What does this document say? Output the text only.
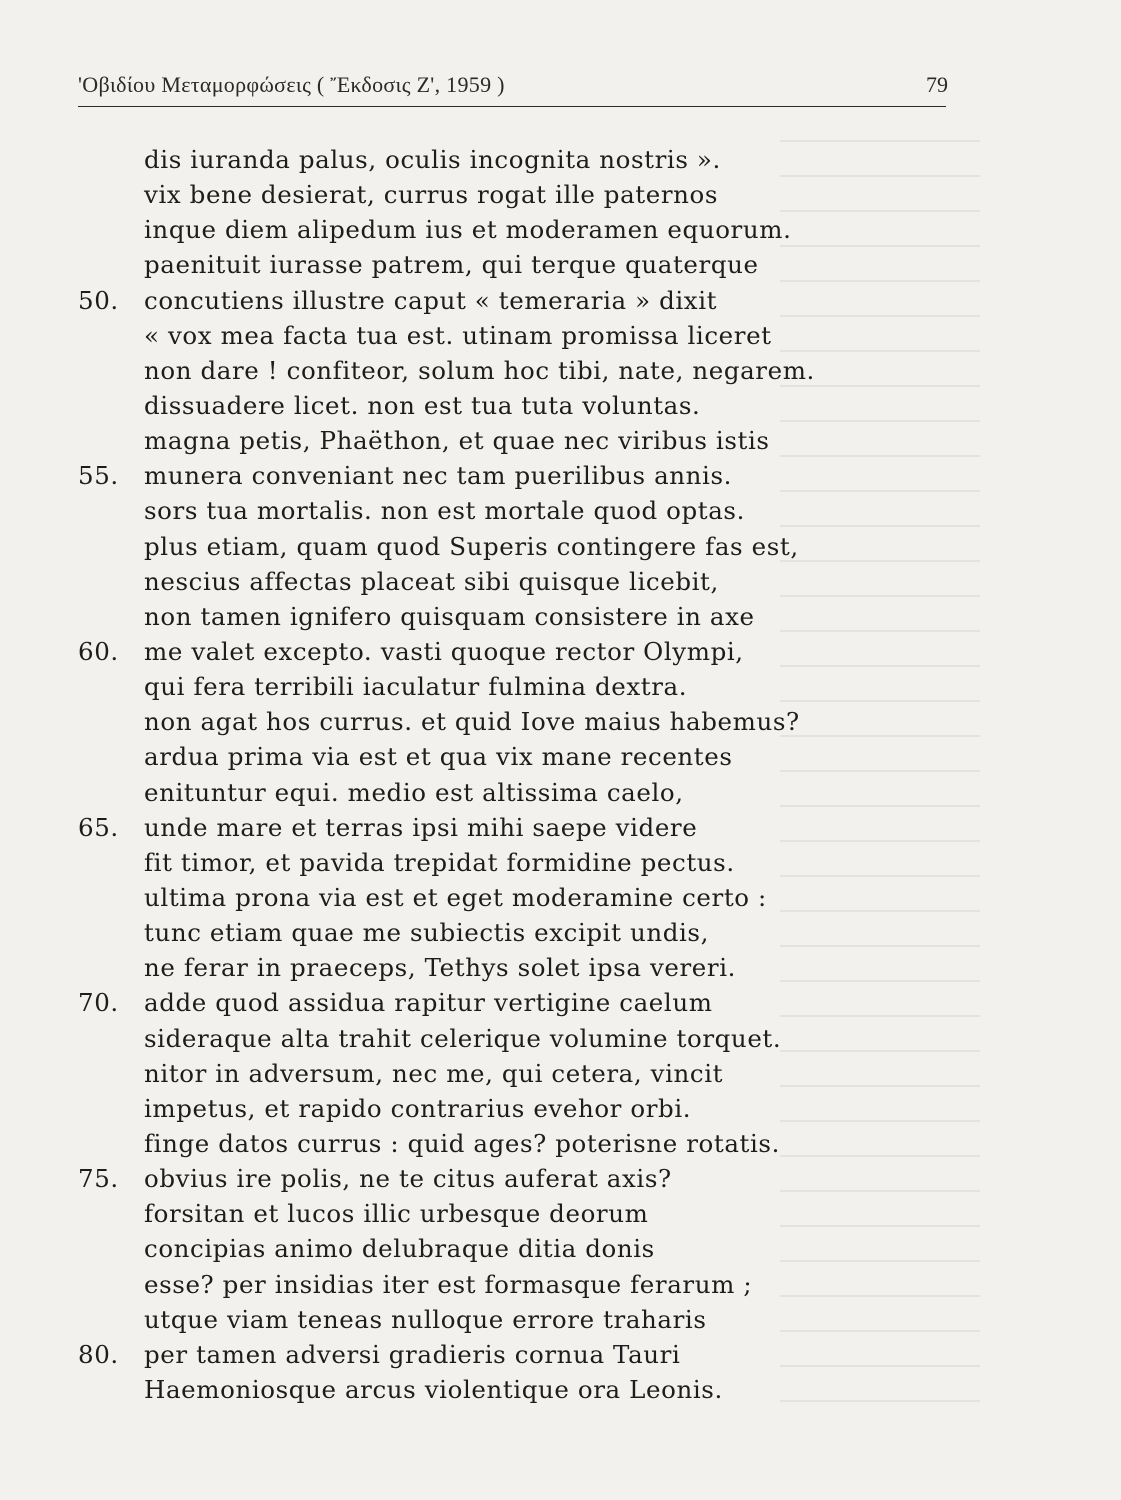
'Οβιδίου Μεταμορφώσεις ( Ἔκδοσις Ζ', 1959 )	79
dis iuranda palus, oculis incognita nostris ».
vix bene desierat, currus rogat ille paternos
inque diem alipedum ius et moderamen equorum.
paenituit iurasse patrem, qui terque quaterque
50.	concutiens illustre caput « temeraria » dixit
« vox mea facta tua est. utinam promissa liceret
non dare ! confiteor, solum hoc tibi, nate, negarem.
dissuadere licet. non est tua tuta voluntas.
magna petis, Phaëthon, et quae nec viribus istis
55.	munera conveniant nec tam puerilibus annis.
sors tua mortalis. non est mortale quod optas.
plus etiam, quam quod Superis contingere fas est,
nescius affectas placeat sibi quisque licebit,
non tamen ignifero quisquam consistere in axe
60.	me valet excepto. vasti quoque rector Olympi,
qui fera terribili iaculatur fulmina dextra.
non agat hos currus. et quid Iove maius habemus?
ardua prima via est et qua vix mane recentes
enituntur equi. medio est altissima caelo,
65.	unde mare et terras ipsi mihi saepe videre
fit timor, et pavida trepidat formidine pectus.
ultima prona via est et eget moderamine certo :
tunc etiam quae me subiectis excipit undis,
ne ferar in praeceps, Tethys solet ipsa vereri.
70.	adde quod assidua rapitur vertigine caelum
sideraque alta trahit celerique volumine torquet.
nitor in adversum, nec me, qui cetera, vincit
impetus, et rapido contrarius evehor orbi.
finge datos currus : quid ages? poterisne rotatis.
75.	obvius ire polis, ne te citus auferat axis?
forsitan et lucos illic urbesque deorum
concipias animo delubraque ditia donis
esse? per insidias iter est formasque ferarum ;
utque viam teneas nulloque errore traharis
80.	per tamen adversi gradieris cornua Tauri
Haemoniosque arcus violentique ora Leonis.
